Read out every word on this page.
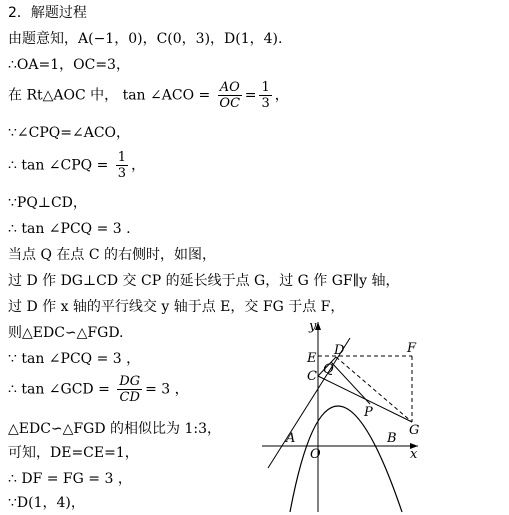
2．解题过程
由题意知，A(−1，0)，C(0，3)，D(1，4).
∴OA=1，OC=3，
在 Rt△AOC 中， tan ∠ACO = $\frac{AO}{OC} = \frac{1}{3}$ ，
∵∠CPQ=∠ACO，
∴ tan ∠CPQ = $\frac{1}{3}$ ，
∵PQ⊥CD，
∴ tan ∠PCQ = 3 .
当点 Q 在点 C 的右侧时，如图，
过 D 作 DG⊥CD 交 CP 的延长线于点 G，过 G 作 GF∥y 轴，
过 D 作 x 轴的平行线交 y 轴于点 E，交 FG 于点 F，
则△EDC∽△FGD.
∵ tan ∠PCQ = 3 ，
∴ tan ∠GCD = $\frac{DG}{CD} = 3$ ，
△EDC∽△FGD 的相似比为 1:3，
可知，DE=CE=1，
∴ DF = FG = 3 ，
∵D(1，4)，
y
x
E
D	F
C Q
P
A
O
B
G
